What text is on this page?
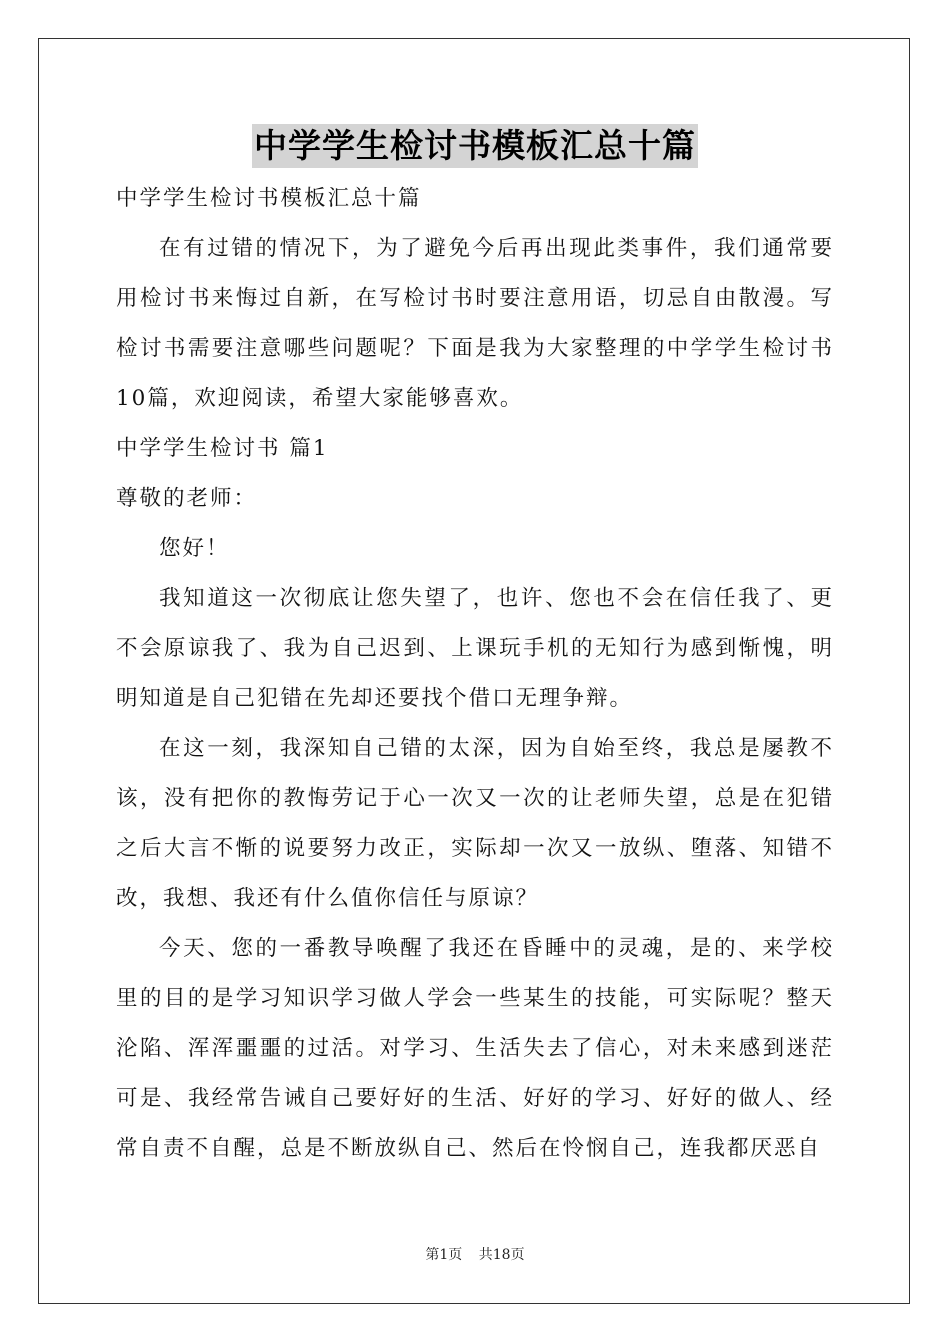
中学学生检讨书模板汇总十篇

中学学生检讨书模板汇总十篇

在有过错的情况下，为了避免今后再出现此类事件，我们通常要用检讨书来悔过自新，在写检讨书时要注意用语，切忌自由散漫。写检讨书需要注意哪些问题呢？下面是我为大家整理的中学学生检讨书10篇，欢迎阅读，希望大家能够喜欢。

中学学生检讨书 篇1

尊敬的老师：

您好！

我知道这一次彻底让您失望了，也许、您也不会在信任我了、更不会原谅我了、我为自己迟到、上课玩手机的无知行为感到惭愧，明明知道是自己犯错在先却还要找个借口无理争辩。

在这一刻，我深知自己错的太深，因为自始至终，我总是屡教不该，没有把你的教悔劳记于心一次又一次的让老师失望，总是在犯错之后大言不惭的说要努力改正，实际却一次又一放纵、堕落、知错不改，我想、我还有什么值你信任与原谅？

今天、您的一番教导唤醒了我还在昏睡中的灵魂，是的、来学校里的目的是学习知识学习做人学会一些某生的技能，可实际呢？整天沦陷、浑浑噩噩的过活。对学习、生活失去了信心，对未来感到迷茫可是、我经常告诫自己要好好的生活、好好的学习、好好的做人、经常自责不自醒，总是不断放纵自己、然后在怜悯自己，连我都厌恶自

第1页 共18页
